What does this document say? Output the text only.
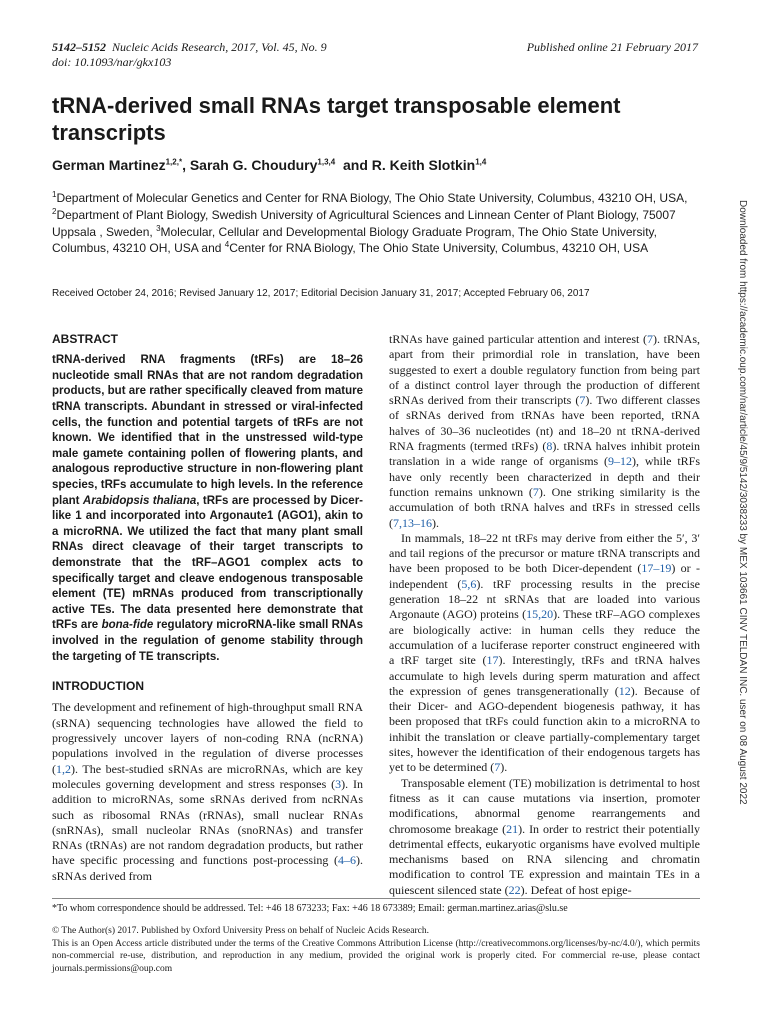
5142–5152 Nucleic Acids Research, 2017, Vol. 45, No. 9
doi: 10.1093/nar/gkx103
Published online 21 February 2017
tRNA-derived small RNAs target transposable element transcripts
German Martinez$^{1,2,*}$, Sarah G. Choudury$^{1,3,4}$ and R. Keith Slotkin$^{1,4}$
$^1$Department of Molecular Genetics and Center for RNA Biology, The Ohio State University, Columbus, 43210 OH, USA, $^2$Department of Plant Biology, Swedish University of Agricultural Sciences and Linnean Center of Plant Biology, 75007 Uppsala , Sweden, $^3$Molecular, Cellular and Developmental Biology Graduate Program, The Ohio State University, Columbus, 43210 OH, USA and $^4$Center for RNA Biology, The Ohio State University, Columbus, 43210 OH, USA
Received October 24, 2016; Revised January 12, 2017; Editorial Decision January 31, 2017; Accepted February 06, 2017
ABSTRACT

tRNA-derived RNA fragments (tRFs) are 18–26 nucleotide small RNAs that are not random degradation products, but are rather specifically cleaved from mature tRNA transcripts. Abundant in stressed or viral-infected cells, the function and potential targets of tRFs are not known. We identified that in the unstressed wild-type male gamete containing pollen of flowering plants, and analogous reproductive structure in non-flowering plant species, tRFs accumulate to high levels. In the reference plant Arabidopsis thaliana, tRFs are processed by Dicer-like 1 and incorporated into Argonaute1 (AGO1), akin to a microRNA. We utilized the fact that many plant small RNAs direct cleavage of their target transcripts to demonstrate that the tRF–AGO1 complex acts to specifically target and cleave endogenous transposable element (TE) mRNAs produced from transcriptionally active TEs. The data presented here demonstrate that tRFs are bona-fide regulatory microRNA-like small RNAs involved in the regulation of genome stability through the targeting of TE transcripts.

INTRODUCTION

The development and refinement of high-throughput small RNA (sRNA) sequencing technologies have allowed the field to progressively uncover layers of non-coding RNA (ncRNA) populations involved in the regulation of diverse processes (1,2). The best-studied sRNAs are microRNAs, which are key molecules governing development and stress responses (3). In addition to microRNAs, some sRNAs derived from ncRNAs such as ribosomal RNAs (rRNAs), small nuclear RNAs (snRNAs), small nucleolar RNAs (snoRNAs) and transfer RNAs (tRNAs) are not random degradation products, but rather have specific processing and functions post-processing (4–6). sRNAs derived from

tRNAs have gained particular attention and interest (7). tRNAs, apart from their primordial role in translation, have been suggested to exert a double regulatory function from being part of a distinct control layer through the production of different sRNAs derived from their transcripts (7). Two different classes of sRNAs derived from tRNAs have been reported, tRNA halves of 30–36 nucleotides (nt) and 18–20 nt tRNA-derived RNA fragments (termed tRFs) (8). tRNA halves inhibit protein translation in a wide range of organisms (9–12), while tRFs have only recently been characterized in depth and their function remains unknown (7). One striking similarity is the accumulation of both tRNA halves and tRFs in stressed cells (7,13–16).

In mammals, 18–22 nt tRFs may derive from either the 5′, 3′ and tail regions of the precursor or mature tRNA transcripts and have been proposed to be both Dicer-dependent (17–19) or -independent (5,6). tRF processing results in the precise generation 18–22 nt sRNAs that are loaded into various Argonaute (AGO) proteins (15,20). These tRF–AGO complexes are biologically active: in human cells they reduce the accumulation of a luciferase reporter construct engineered with a tRF target site (17). Interestingly, tRFs and tRNA halves accumulate to high levels during sperm maturation and affect the expression of genes transgenerationally (12). Because of their Dicer- and AGO-dependent biogenesis pathway, it has been proposed that tRFs could function akin to a microRNA to inhibit the translation or cleave partially-complementary target sites, however the identification of their endogenous targets has yet to be determined (7).

Transposable element (TE) mobilization is detrimental to host fitness as it can cause mutations via insertion, promoter modifications, abnormal genome rearrangements and chromosome breakage (21). In order to restrict their potentially detrimental effects, eukaryotic organisms have evolved multiple mechanisms based on RNA silencing and chromatin modification to control TE expression and maintain TEs in a quiescent silenced state (22). Defeat of host epige-

*To whom correspondence should be addressed. Tel: +46 18 673233; Fax: +46 18 673389; Email: german.martinez.arias@slu.se
© The Author(s) 2017. Published by Oxford University Press on behalf of Nucleic Acids Research.
This is an Open Access article distributed under the terms of the Creative Commons Attribution License (http://creativecommons.org/licenses/by-nc/4.0/), which permits non-commercial re-use, distribution, and reproduction in any medium, provided the original work is properly cited. For commercial re-use, please contact journals.permissions@oup.com
Downloaded from https://academic.oup.com/nar/article/45/9/5142/3038233 by MEX 103661 CINV TELDAN INC. user on 08 August 2022
